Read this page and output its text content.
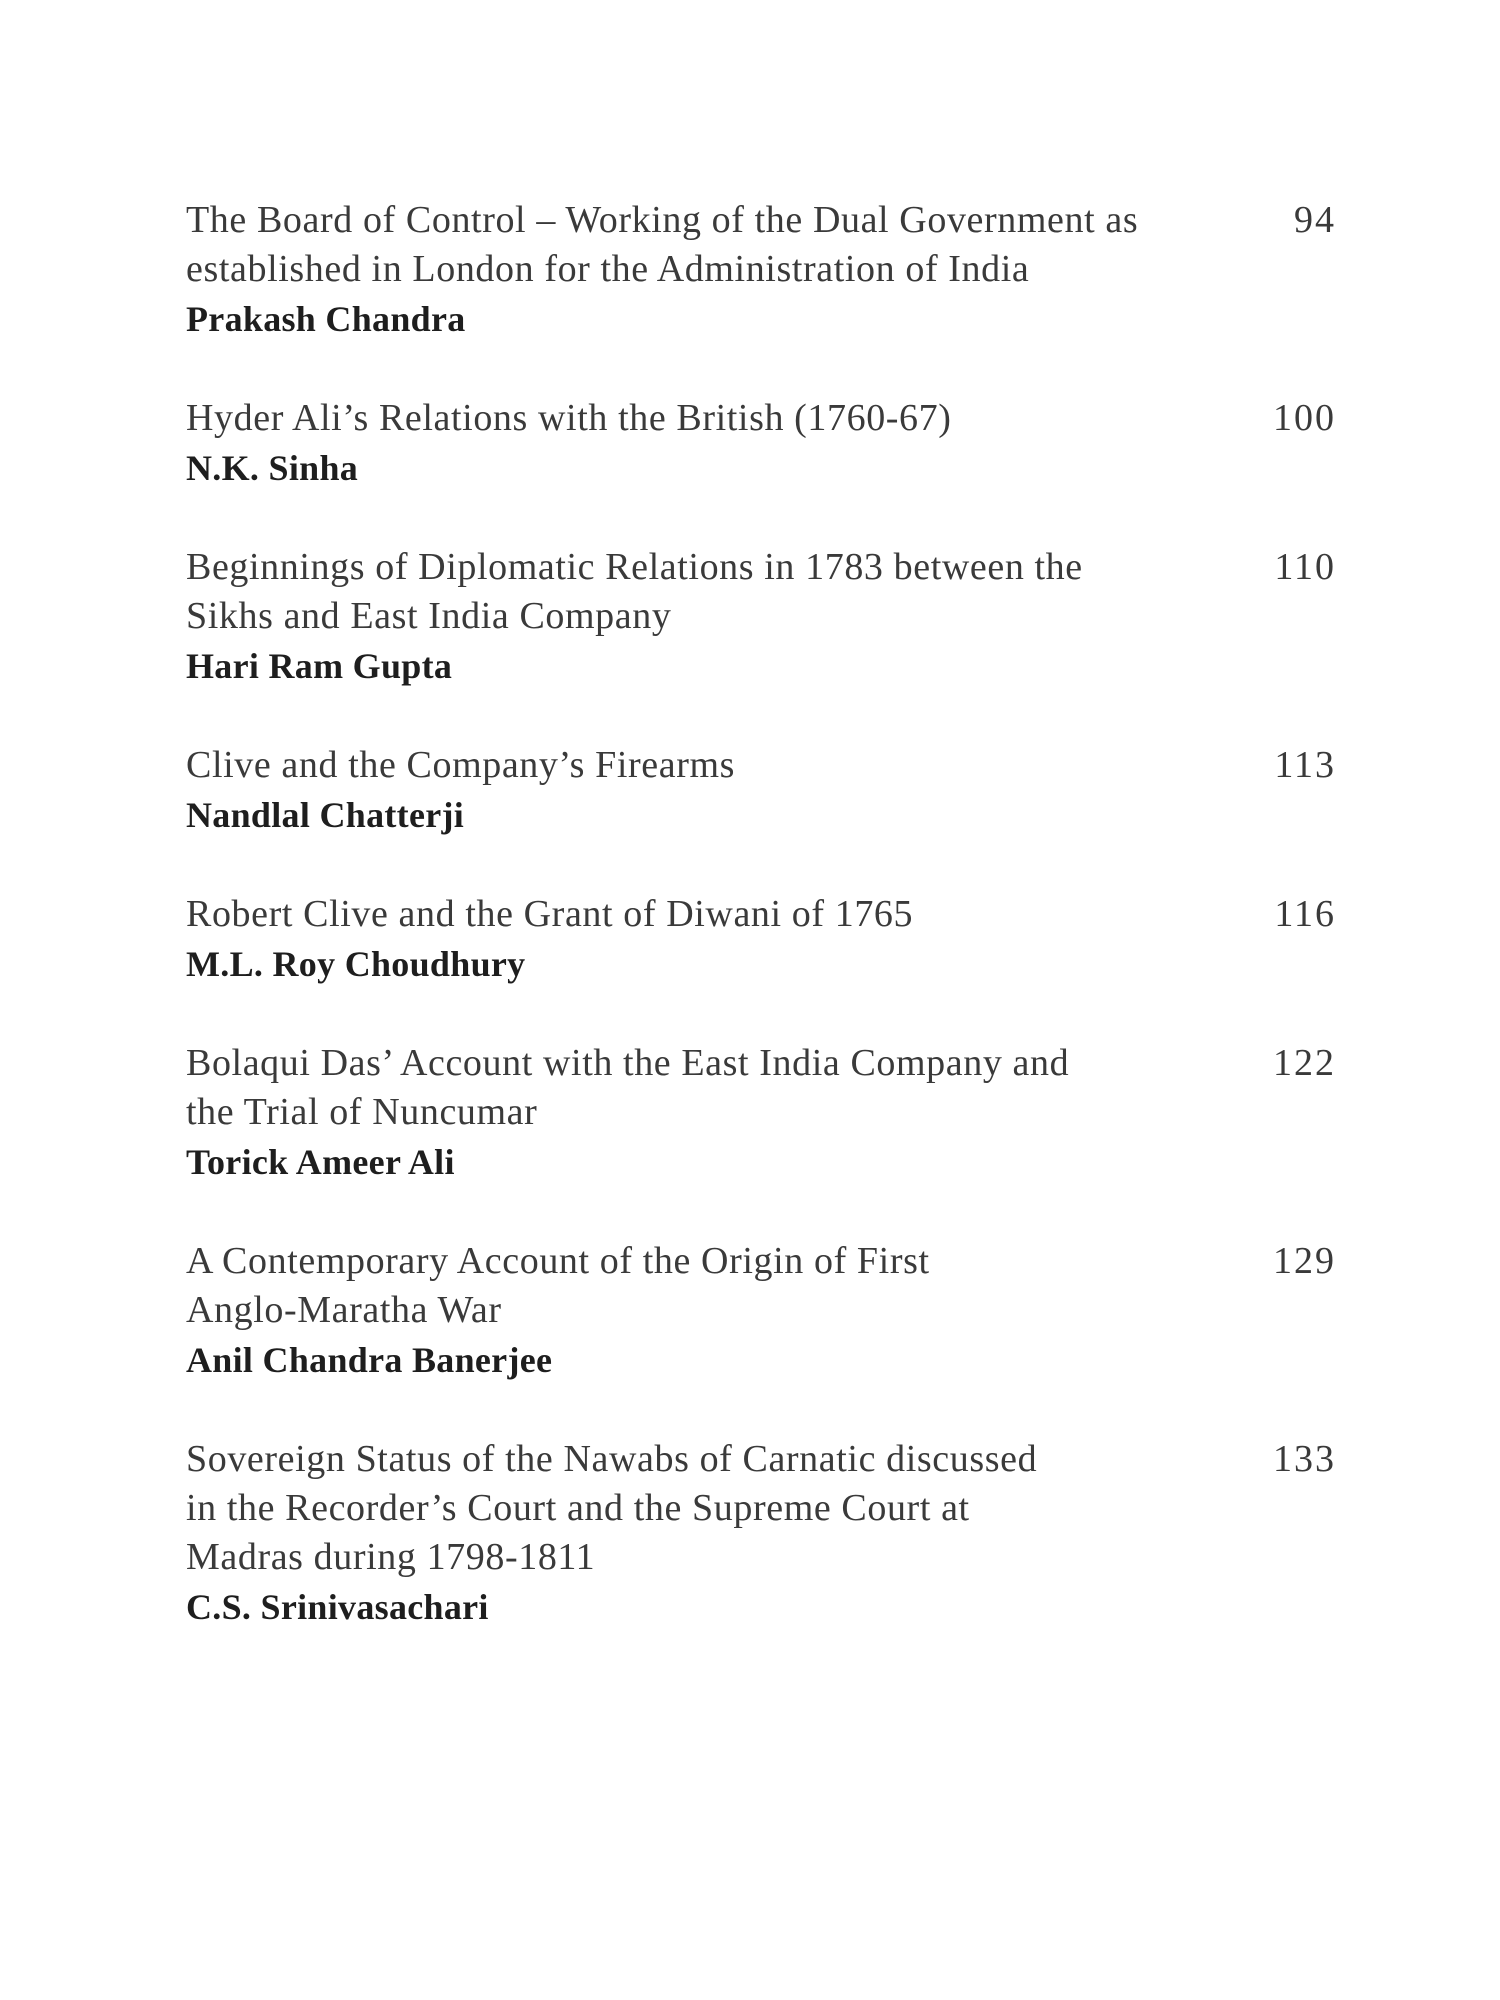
The Board of Control – Working of the Dual Government as
established in London for the Administration of India
Prakash Chandra
94
Hyder Ali’s Relations with the British (1760-67)
N.K. Sinha
100
Beginnings of Diplomatic Relations in 1783 between the
Sikhs and East India Company
Hari Ram Gupta
110
Clive and the Company’s Firearms
Nandlal Chatterji
113
Robert Clive and the Grant of Diwani of 1765
M.L. Roy Choudhury
116
Bolaqui Das’ Account with the East India Company and
the Trial of Nuncumar
Torick Ameer Ali
122
A Contemporary Account of the Origin of First
Anglo-Maratha War
Anil Chandra Banerjee
129
Sovereign Status of the Nawabs of Carnatic discussed
in the Recorder’s Court and the Supreme Court at
Madras during 1798-1811
C.S. Srinivasachari
133
